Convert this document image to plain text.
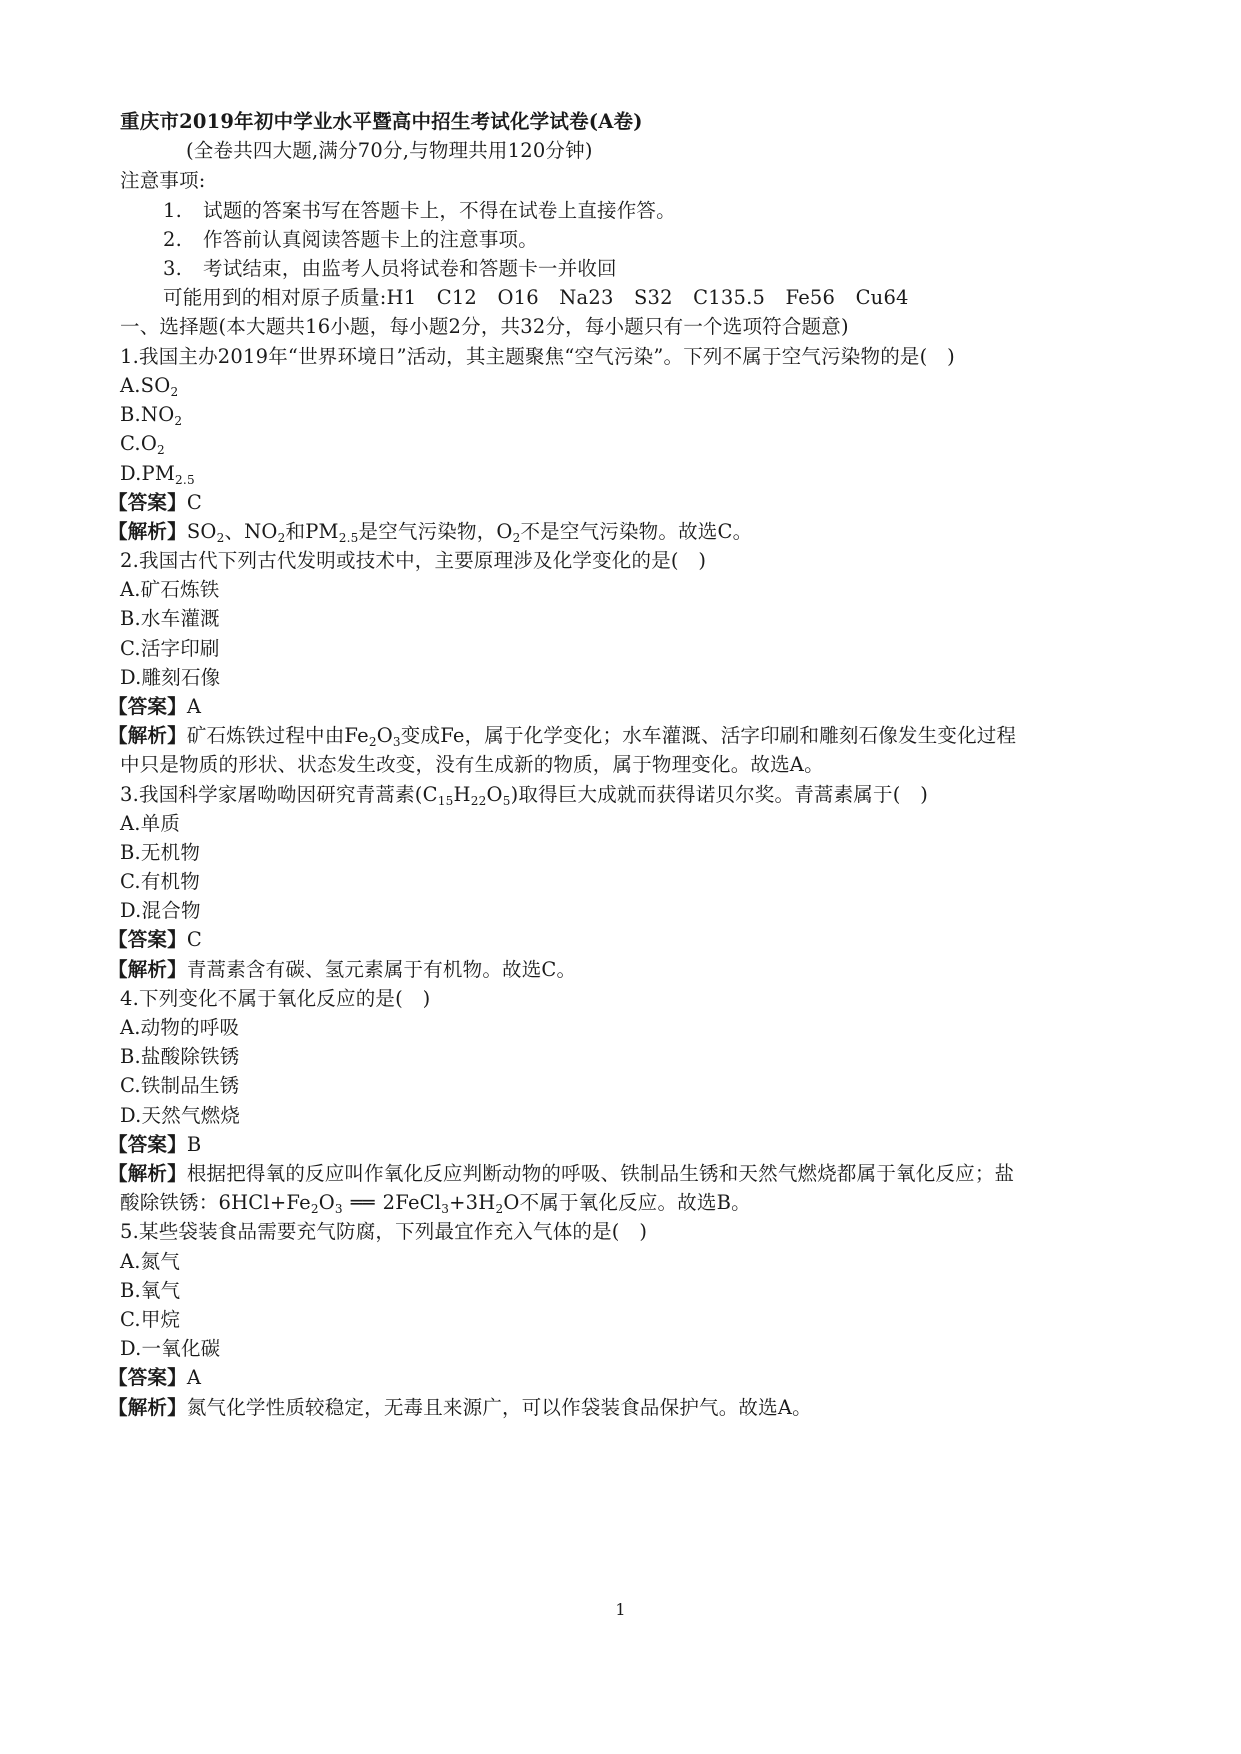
重庆市2019年初中学业水平暨高中招生考试化学试卷(A卷)
(全卷共四大题,满分70分,与物理共用120分钟)
注意事项:
1. 试题的答案书写在答题卡上，不得在试卷上直接作答。
2. 作答前认真阅读答题卡上的注意事项。
3. 考试结束，由监考人员将试卷和答题卡一并收回
可能用到的相对原子质量:H1 C12 O16 Na23 S32 C135.5 Fe56 Cu64
一、选择题(本大题共16小题，每小题2分，共32分，每小题只有一个选项符合题意)
1.我国主办2019年“世界环境日”活动，其主题聚焦“空气污染”。下列不属于空气污染物的是(　)
$A.SO_2$
$B.NO_2$
$C.O_2$
$D.PM_{2.5}$
【答案】C
【解析】$SO_2$、$NO_2$和$PM_{2.5}$是空气污染物，$O_2$不是空气污染物。故选C。
2.我国古代下列古代发明或技术中，主要原理涉及化学变化的是(　)
A.矿石炼铁
B.水车灌溉
C.活字印刷
D.雕刻石像
【答案】A
【解析】矿石炼铁过程中由$Fe_2O_3$变成Fe，属于化学变化；水车灌溉、活字印刷和雕刻石像发生变化过程
中只是物质的形状、状态发生改变，没有生成新的物质，属于物理变化。故选A。
3.我国科学家屠呦呦因研究青蒿素$(C_{15}H_{22}O_5)$取得巨大成就而获得诺贝尔奖。青蒿素属于(　)
A.单质
B.无机物
C.有机物
D.混合物
【答案】C
【解析】青蒿素含有碳、氢元素属于有机物。故选C。
4.下列变化不属于氧化反应的是(　)
A.动物的呼吸
B.盐酸除铁锈
C.铁制品生锈
D.天然气燃烧
【答案】B
【解析】根据把得氧的反应叫作氧化反应判断动物的呼吸、铁制品生锈和天然气燃烧都属于氧化反应；盐
酸除铁锈：$6HCl+Fe_2O_3$ ══ $2FeCl_3+3H_2O$不属于氧化反应。故选B。
5.某些袋装食品需要充气防腐，下列最宜作充入气体的是(　)
A.氮气
B.氧气
C.甲烷
D.一氧化碳
【答案】A
【解析】氮气化学性质较稳定，无毒且来源广，可以作袋装食品保护气。故选A。
1
